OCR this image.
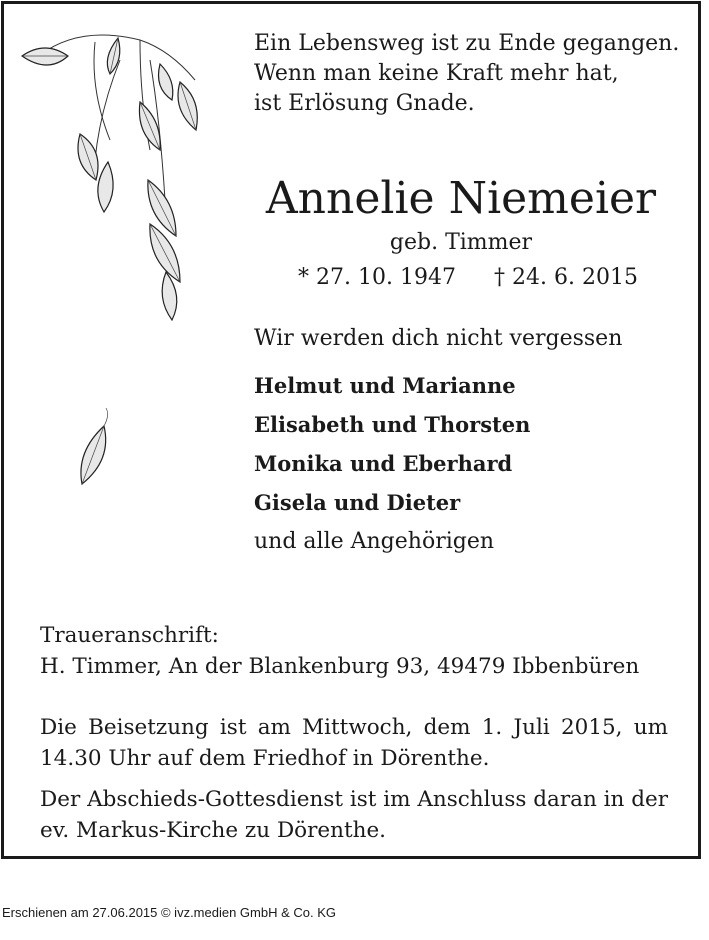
Ein Lebensweg ist zu Ende gegangen.
Wenn man keine Kraft mehr hat,
ist Erlösung Gnade.
Annelie Niemeier
geb. Timmer
* 27. 10. 1947 † 24. 6. 2015
Wir werden dich nicht vergessen
Helmut und Marianne
Elisabeth und Thorsten
Monika und Eberhard
Gisela und Dieter
und alle Angehörigen
Traueranschrift:
H. Timmer, An der Blankenburg 93, 49479 Ibbenbüren
Die Beisetzung ist am Mittwoch, dem 1. Juli 2015, um 14.30 Uhr auf dem Friedhof in Dörenthe.
Der Abschieds-Gottesdienst ist im Anschluss daran in der ev. Markus-Kirche zu Dörenthe.
Erschienen am 27.06.2015 © ivz.medien GmbH & Co. KG
